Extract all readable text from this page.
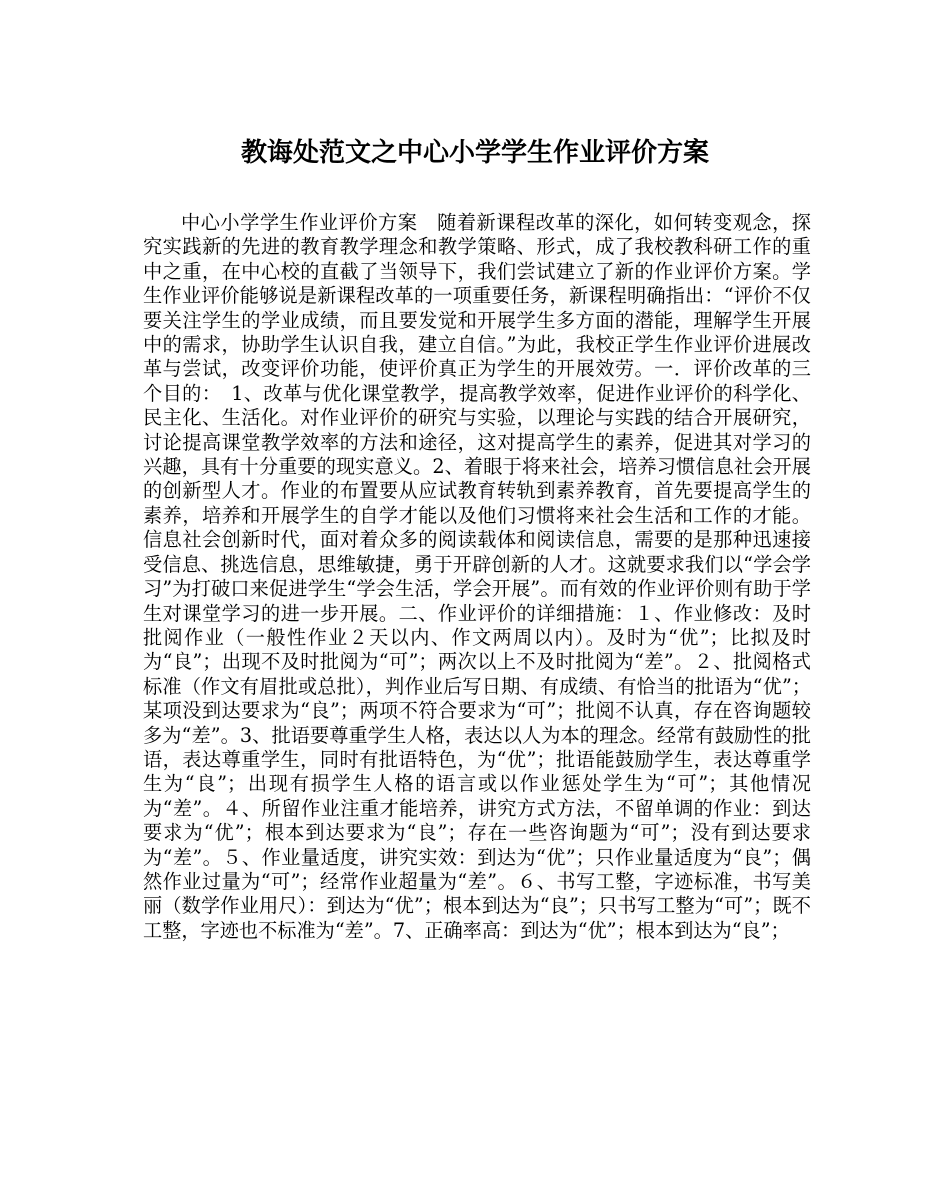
教诲处范文之中心小学学生作业评价方案

中心小学学生作业评价方案　随着新课程改革的深化，如何转变观念，探究实践新的先进的教育教学理念和教学策略、形式，成了我校教科研工作的重中之重，在中心校的直截了当领导下，我们尝试建立了新的作业评价方案。学生作业评价能够说是新课程改革的一项重要任务，新课程明确指出：“评价不仅要关注学生的学业成绩，而且要发觉和开展学生多方面的潜能，理解学生开展中的需求，协助学生认识自我，建立自信。”为此，我校正学生作业评价进展改革与尝试，改变评价功能，使评价真正为学生的开展效劳。一．评价改革的三个目的：　1、改革与优化课堂教学，提高教学效率，促进作业评价的科学化、民主化、生活化。对作业评价的研究与实验，以理论与实践的结合开展研究，讨论提高课堂教学效率的方法和途径，这对提高学生的素养，促进其对学习的兴趣，具有十分重要的现实意义。2、着眼于将来社会，培养习惯信息社会开展的创新型人才。作业的布置要从应试教育转轨到素养教育，首先要提高学生的素养，培养和开展学生的自学才能以及他们习惯将来社会生活和工作的才能。信息社会创新时代，面对着众多的阅读载体和阅读信息，需要的是那种迅速接受信息、挑选信息，思维敏捷，勇于开辟创新的人才。这就要求我们以“学会学习”为打破口来促进学生“学会生活，学会开展”。而有效的作业评价则有助于学生对课堂学习的进一步开展。二、作业评价的详细措施：１、作业修改：及时批阅作业（一般性作业２天以内、作文两周以内）。及时为“优”；比拟及时为“良”；出现不及时批阅为“可”；两次以上不及时批阅为“差”。２、批阅格式标准（作文有眉批或总批），判作业后写日期、有成绩、有恰当的批语为“优”；某项没到达要求为“良”；两项不符合要求为“可”；批阅不认真，存在咨询题较多为“差”。3、批语要尊重学生人格，表达以人为本的理念。经常有鼓励性的批语，表达尊重学生，同时有批语特色，为“优”；批语能鼓励学生，表达尊重学生为“良”；出现有损学生人格的语言或以作业惩处学生为“可”；其他情况为“差”。４、所留作业注重才能培养，讲究方式方法，不留单调的作业：到达要求为“优”；根本到达要求为“良”；存在一些咨询题为“可”；没有到达要求为“差”。５、作业量适度，讲究实效：到达为“优”；只作业量适度为“良”；偶然作业过量为“可”；经常作业超量为“差”。６、书写工整，字迹标准，书写美丽（数学作业用尺）：到达为“优”；根本到达为“良”；只书写工整为“可”；既不工整，字迹也不标准为“差”。7、正确率高：到达为“优”；根本到达为“良”；
